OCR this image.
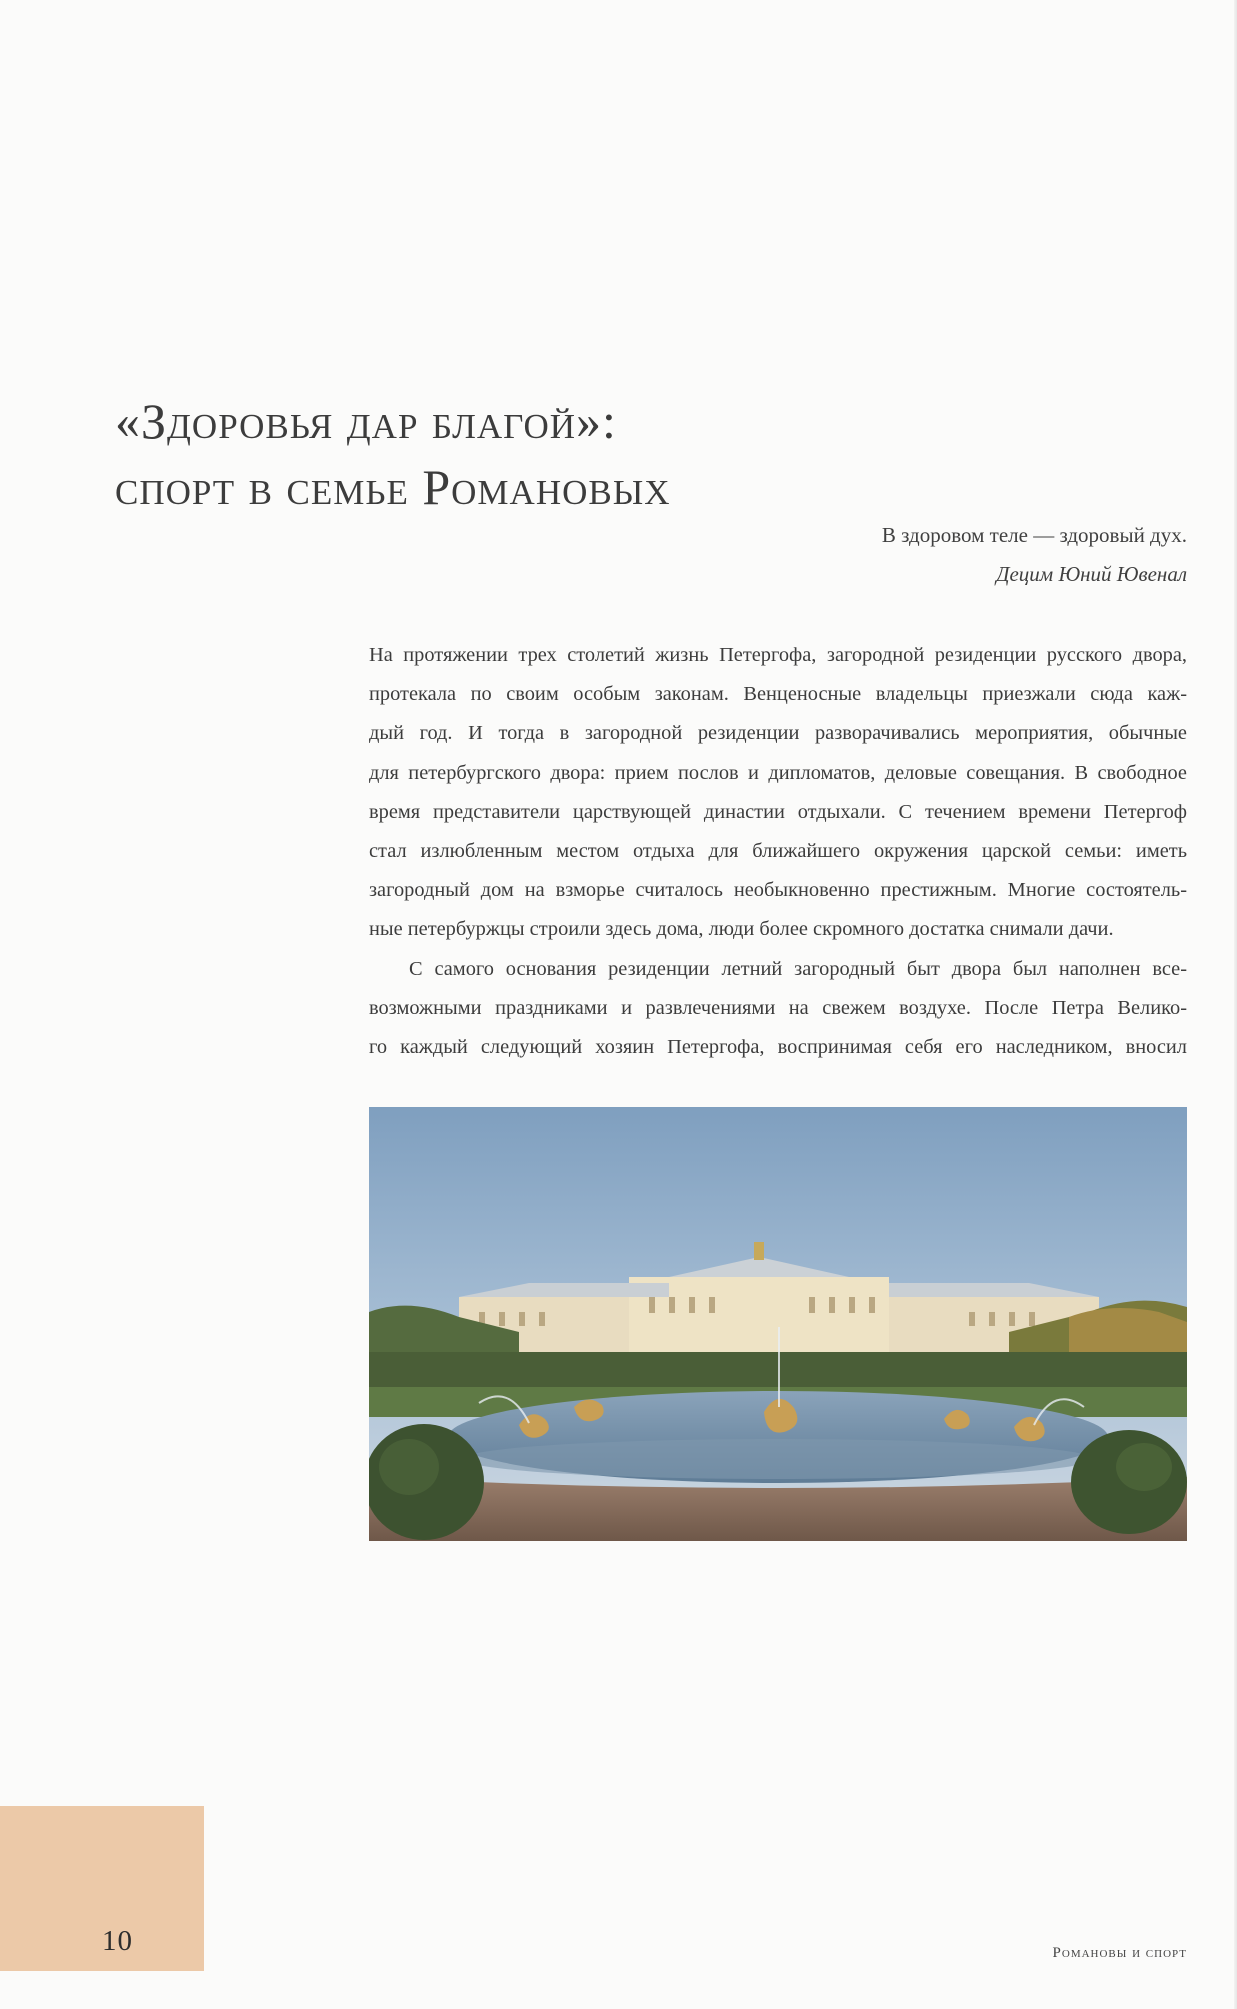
«Здоровья дар благой»:
спорт в семье Романовых
В здоровом теле — здоровый дух.
Децим Юний Ювенал

На протяжении трех столетий жизнь Петергофа, загородной резиденции русского двора,
протекала по своим особым законам. Венценосные владельцы приезжали сюда каж-
дый год. И тогда в загородной резиденции разворачивались мероприятия, обычные
для петербургского двора: прием послов и дипломатов, деловые совещания. В свободное
время представители царствующей династии отдыхали. С течением времени Петергоф
стал излюбленным местом отдыха для ближайшего окружения царской семьи: иметь
загородный дом на взморье считалось необыкновенно престижным. Многие состоятель-
ные петербуржцы строили здесь дома, люди более скромного достатка снимали дачи.

С самого основания резиденции летний загородный быт двора был наполнен все-
возможными праздниками и развлечениями на свежем воздухе. После Петра Велико-
го каждый следующий хозяин Петергофа, воспринимая себя его наследником, вносил

10	Романовы и спорт
